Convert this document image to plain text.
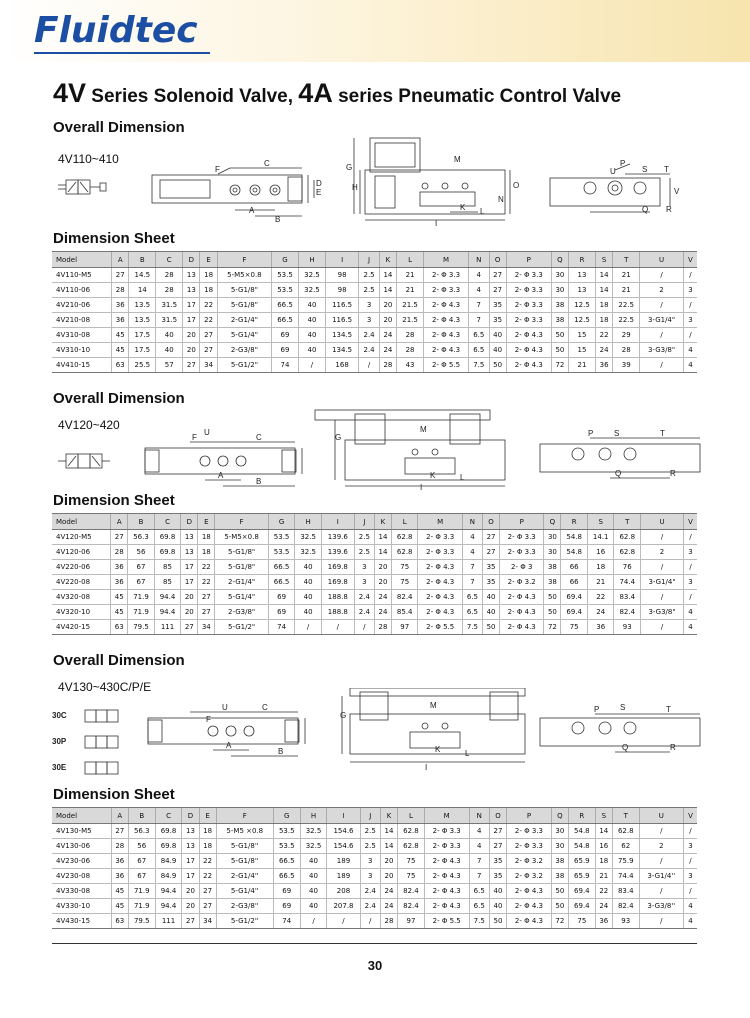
Fluidtec
4V Series Solenoid Valve, 4A series Pneumatic Control Valve
Overall Dimension
4V110~410
F
C
A
B
D
E
G
H
M
K L
I
O
N
P
U	S T
Q R
V
Dimension Sheet
Model	A	B	C	D	E	F	G	H	I	J	K	L	M	N	O	P	Q	R	S	T	U	V
4V110-M5	27	14.5	28	13	18	5-M5×0.8	53.5	32.5	98	2.5	14	21	2- Φ 3.3	4	27	2- Φ 3.3	30	13	14	21	/	/
4V110-06	28	14	28	13	18	5-G1/8"	53.5	32.5	98	2.5	14	21	2- Φ 3.3	4	27	2- Φ 3.3	30	13	14	21	2	3
4V210-06	36	13.5	31.5	17	22	5-G1/8"	66.5	40	116.5	3	20	21.5	2- Φ 4.3	7	35	2- Φ 3.3	38	12.5	18	22.5	/	/
4V210-08	36	13.5	31.5	17	22	2-G1/4"	66.5	40	116.5	3	20	21.5	2- Φ 4.3	7	35	2- Φ 3.3	38	12.5	18	22.5	3-G1/4"	3
4V310-08	45	17.5	40	20	27	5-G1/4"	69	40	134.5	2.4	24	28	2- Φ 4.3	6.5	40	2- Φ 4.3	50	15	22	29	/	/
4V310-10	45	17.5	40	20	27	2-G3/8"	69	40	134.5	2.4	24	28	2- Φ 4.3	6.5	40	2- Φ 4.3	50	15	24	28	3-G3/8"	4
4V410-15	63	25.5	57	27	34	5-G1/2"	74	/	168	/	28	43	2- Φ 5.5	7.5	50	2- Φ 4.3	72	21	36	39	/	4
Overall Dimension
4V120~420
F
U
C
A
B
G
M
K	L
I
P	S	T
Q	R
Dimension Sheet
Model	A	B	C	D	E	F	G	H	I	J	K	L	M	N	O	P	Q	R	S	T	U	V
4V120-M5	27	56.3	69.8	13	18	5-M5×0.8	53.5	32.5	139.6	2.5	14	62.8	2- Φ 3.3	4	27	2- Φ 3.3	30	54.8	14.1	62.8	/	/
4V120-06	28	56	69.8	13	18	5-G1/8"	53.5	32.5	139.6	2.5	14	62.8	2- Φ 3.3	4	27	2- Φ 3.3	30	54.8	16	62.8	2	3
4V220-06	36	67	85	17	22	5-G1/8"	66.5	40	169.8	3	20	75	2- Φ 4.3	7	35	2- Φ 3	38	66	18	76	/	/
4V220-08	36	67	85	17	22	2-G1/4"	66.5	40	169.8	3	20	75	2- Φ 4.3	7	35	2- Φ 3.2	38	66	21	74.4	3-G1/4"	3
4V320-08	45	71.9	94.4	20	27	5-G1/4"	69	40	188.8	2.4	24	82.4	2- Φ 4.3	6.5	40	2- Φ 4.3	50	69.4	22	83.4	/	/
4V320-10	45	71.9	94.4	20	27	2-G3/8"	69	40	188.8	2.4	24	85.4	2- Φ 4.3	6.5	40	2- Φ 4.3	50	69.4	24	82.4	3-G3/8"	4
4V420-15	63	79.5	111	27	34	5-G1/2"	74	/	/	/	28	97	2- Φ 5.5	7.5	50	2- Φ 4.3	72	75	36	93	/	4
Overall Dimension
4V130~430C/P/E
30C
30P
30E
F
U	C
A
B
G
M
K	L
I
P	S	T
Q	R
Dimension Sheet
Model	A	B	C	D	E	F	G	H	I	J	K	L	M	N	O	P	Q	R	S	T	U	V
4V130-M5	27	56.3	69.8	13	18	5-M5 ×0.8	53.5	32.5	154.6	2.5	14	62.8	2- Φ 3.3	4	27	2- Φ 3.3	30	54.8	14	62.8	/	/
4V130-06	28	56	69.8	13	18	5-G1/8''	53.5	32.5	154.6	2.5	14	62.8	2- Φ 3.3	4	27	2- Φ 3.3	30	54.8	16	62	2	3
4V230-06	36	67	84.9	17	22	5-G1/8''	66.5	40	189	3	20	75	2- Φ 4.3	7	35	2- Φ 3.2	38	65.9	18	75.9	/	/
4V230-08	36	67	84.9	17	22	2-G1/4''	66.5	40	189	3	20	75	2- Φ 4.3	7	35	2- Φ 3.2	38	65.9	21	74.4	3-G1/4''	3
4V330-08	45	71.9	94.4	20	27	5-G1/4''	69	40	208	2.4	24	82.4	2- Φ 4.3	6.5	40	2- Φ 4.3	50	69.4	22	83.4	/	/
4V330-10	45	71.9	94.4	20	27	2-G3/8''	69	40	207.8	2.4	24	82.4	2- Φ 4.3	6.5	40	2- Φ 4.3	50	69.4	24	82.4	3-G3/8''	4
4V430-15	63	79.5	111	27	34	5-G1/2''	74	/	/	/	28	97	2- Φ 5.5	7.5	50	2- Φ 4.3	72	75	36	93	/	4
30
